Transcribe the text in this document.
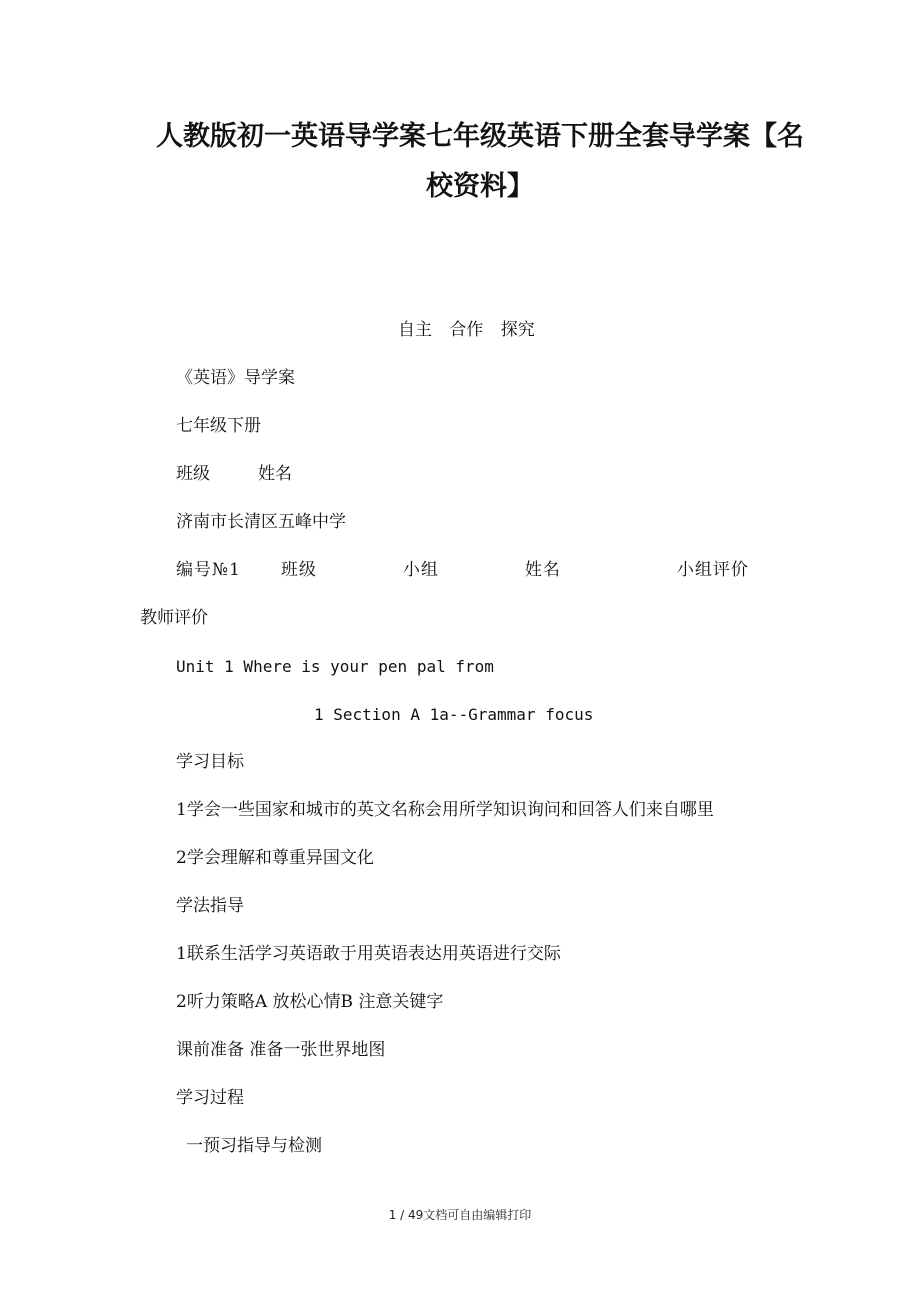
人教版初一英语导学案七年级英语下册全套导学案【名校资料】
自主 合作 探究
《英语》导学案
七年级下册
班级	姓名
济南市长清区五峰中学
编号№1 班级	小组	姓名	小组评价
教师评价
Unit 1 Where is your pen pal from
1 Section A 1a--Grammar focus
学习目标
1学会一些国家和城市的英文名称会用所学知识询问和回答人们来自哪里
2学会理解和尊重异国文化
学法指导
1联系生活学习英语敢于用英语表达用英语进行交际
2听力策略A 放松心情B 注意关键字
课前准备 准备一张世界地图
学习过程
一预习指导与检测
1 / 49文档可自由编辑打印
